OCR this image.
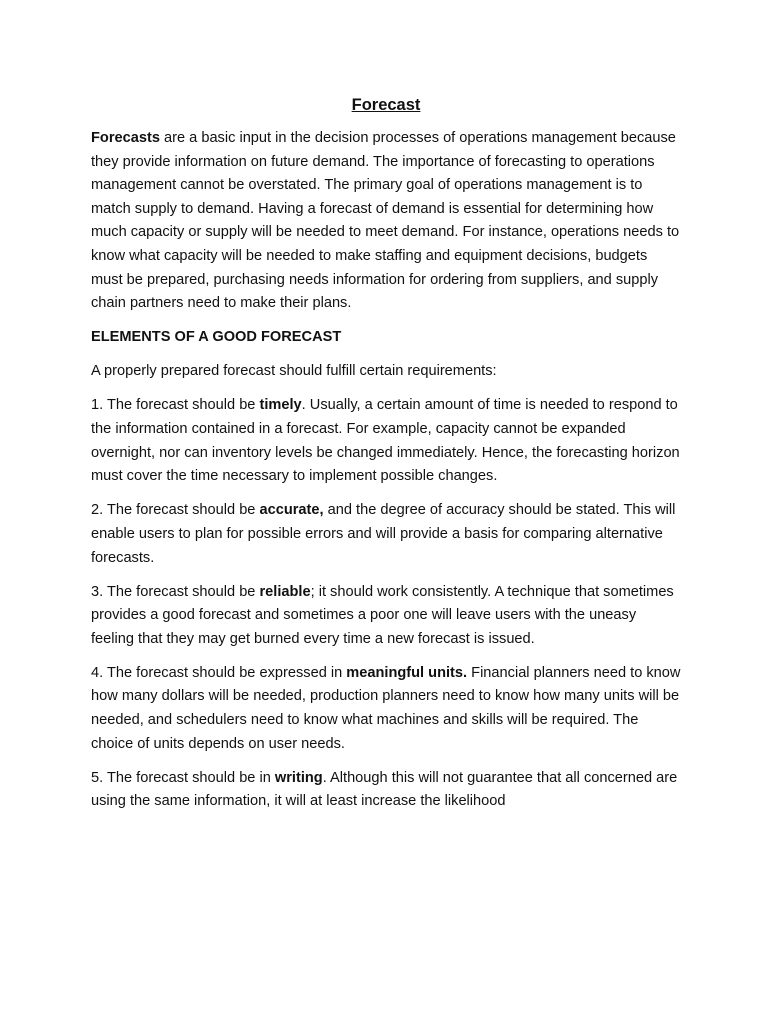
Forecast

Forecasts are a basic input in the decision processes of operations management because they provide information on future demand. The importance of forecasting to operations management cannot be overstated. The primary goal of operations management is to match supply to demand. Having a forecast of demand is essential for determining how much capacity or supply will be needed to meet demand. For instance, operations needs to know what capacity will be needed to make staffing and equipment decisions, budgets must be prepared, purchasing needs information for ordering from suppliers, and supply chain partners need to make their plans.

ELEMENTS OF A GOOD FORECAST

A properly prepared forecast should fulfill certain requirements:

1. The forecast should be timely. Usually, a certain amount of time is needed to respond to the information contained in a forecast. For example, capacity cannot be expanded overnight, nor can inventory levels be changed immediately. Hence, the forecasting horizon must cover the time necessary to implement possible changes.

2. The forecast should be accurate, and the degree of accuracy should be stated. This will enable users to plan for possible errors and will provide a basis for comparing alternative forecasts.

3. The forecast should be reliable; it should work consistently. A technique that sometimes provides a good forecast and sometimes a poor one will leave users with the uneasy feeling that they may get burned every time a new forecast is issued.

4. The forecast should be expressed in meaningful units. Financial planners need to know how many dollars will be needed, production planners need to know how many units will be needed, and schedulers need to know what machines and skills will be required. The choice of units depends on user needs.

5. The forecast should be in writing. Although this will not guarantee that all concerned are using the same information, it will at least increase the likelihood
